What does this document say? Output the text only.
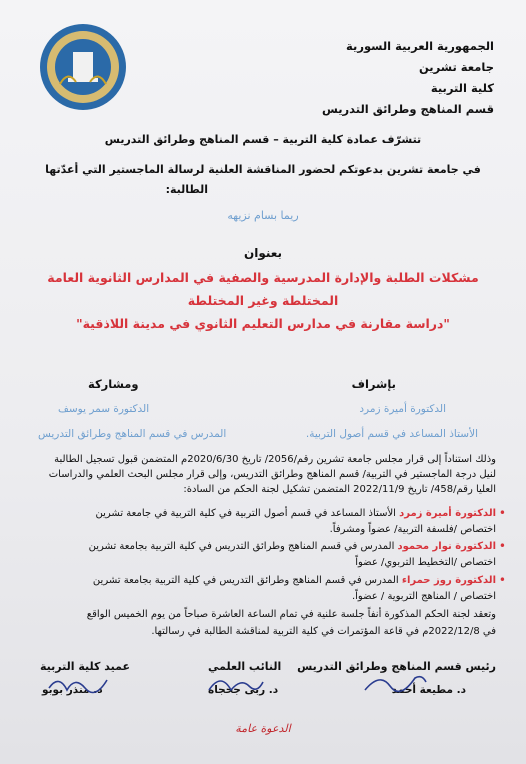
الجمهورية العربية السورية
جامعة تشرين
كلية التربية
قسم المناهج وطرائق التدريس
تتشرّف عمادة كلية التربية – قسم المناهج وطرائق التدريس
في جامعة تشرين بدعوتكم لحضور المناقشة العلنية لرسالة الماجستير التي أعدّتها
الطالبة:
ريما بسام نزيهه
بعنوان
مشكلات الطلبة والإدارة المدرسية والصفية في المدارس الثانوية العامة
المختلطة وغير المختلطة
"دراسة مقارنة في مدارس التعليم الثانوي في مدينة اللاذقية"
بإشراف
الدكتورة أميرة زمرد
الأستاذ المساعد في قسم أصول التربية.
ومشاركة
الدكتورة سمر يوسف
المدرس في قسم المناهج وطرائق التدريس
وذلك استناداً إلى قرار مجلس جامعة تشرين رقم/2056/ تاريخ 2020/6/30م المتضمن قبول تسجيل الطالبة
لنيل درجة الماجستير في التربية/ قسم المناهج وطرائق التدريس، وإلى قرار مجلس البحث العلمي والدراسات
العليا رقم/458/ تاريخ 2022/11/9 المتضمن تشكيل لجنة الحكم من السادة:
•
الدكتورة أميرة زمرد الأستاذ المساعد في قسم أصول التربية في كلية التربية في جامعة تشرين
اختصاص /فلسفة التربية/ عضواً ومشرفاً.
•
الدكتورة نوار محمود المدرس في قسم المناهج وطرائق التدريس في كلية التربية بجامعة تشرين
اختصاص /التخطيط التربوي/ عضواً
•
الدكتورة روز حمراء المدرس في قسم المناهج وطرائق التدريس في كلية التربية بجامعة تشرين
اختصاص / المناهج التربوية / عضواً.
وتعقد لجنة الحكم المذكورة أنفاً جلسة علنية في تمام الساعة العاشرة صباحاً من يوم الخميس الواقع
في 2022/12/8م في قاعة المؤتمرات في كلية التربية لمناقشة الطالبة في رسالتها.
رئيس قسم المناهج وطرائق التدريس
د. مطيعة أحمد
النائب العلمي
د. ربى جحجاه
عميد كلية التربية
د. منذر بوبو
الدعوة عامة
